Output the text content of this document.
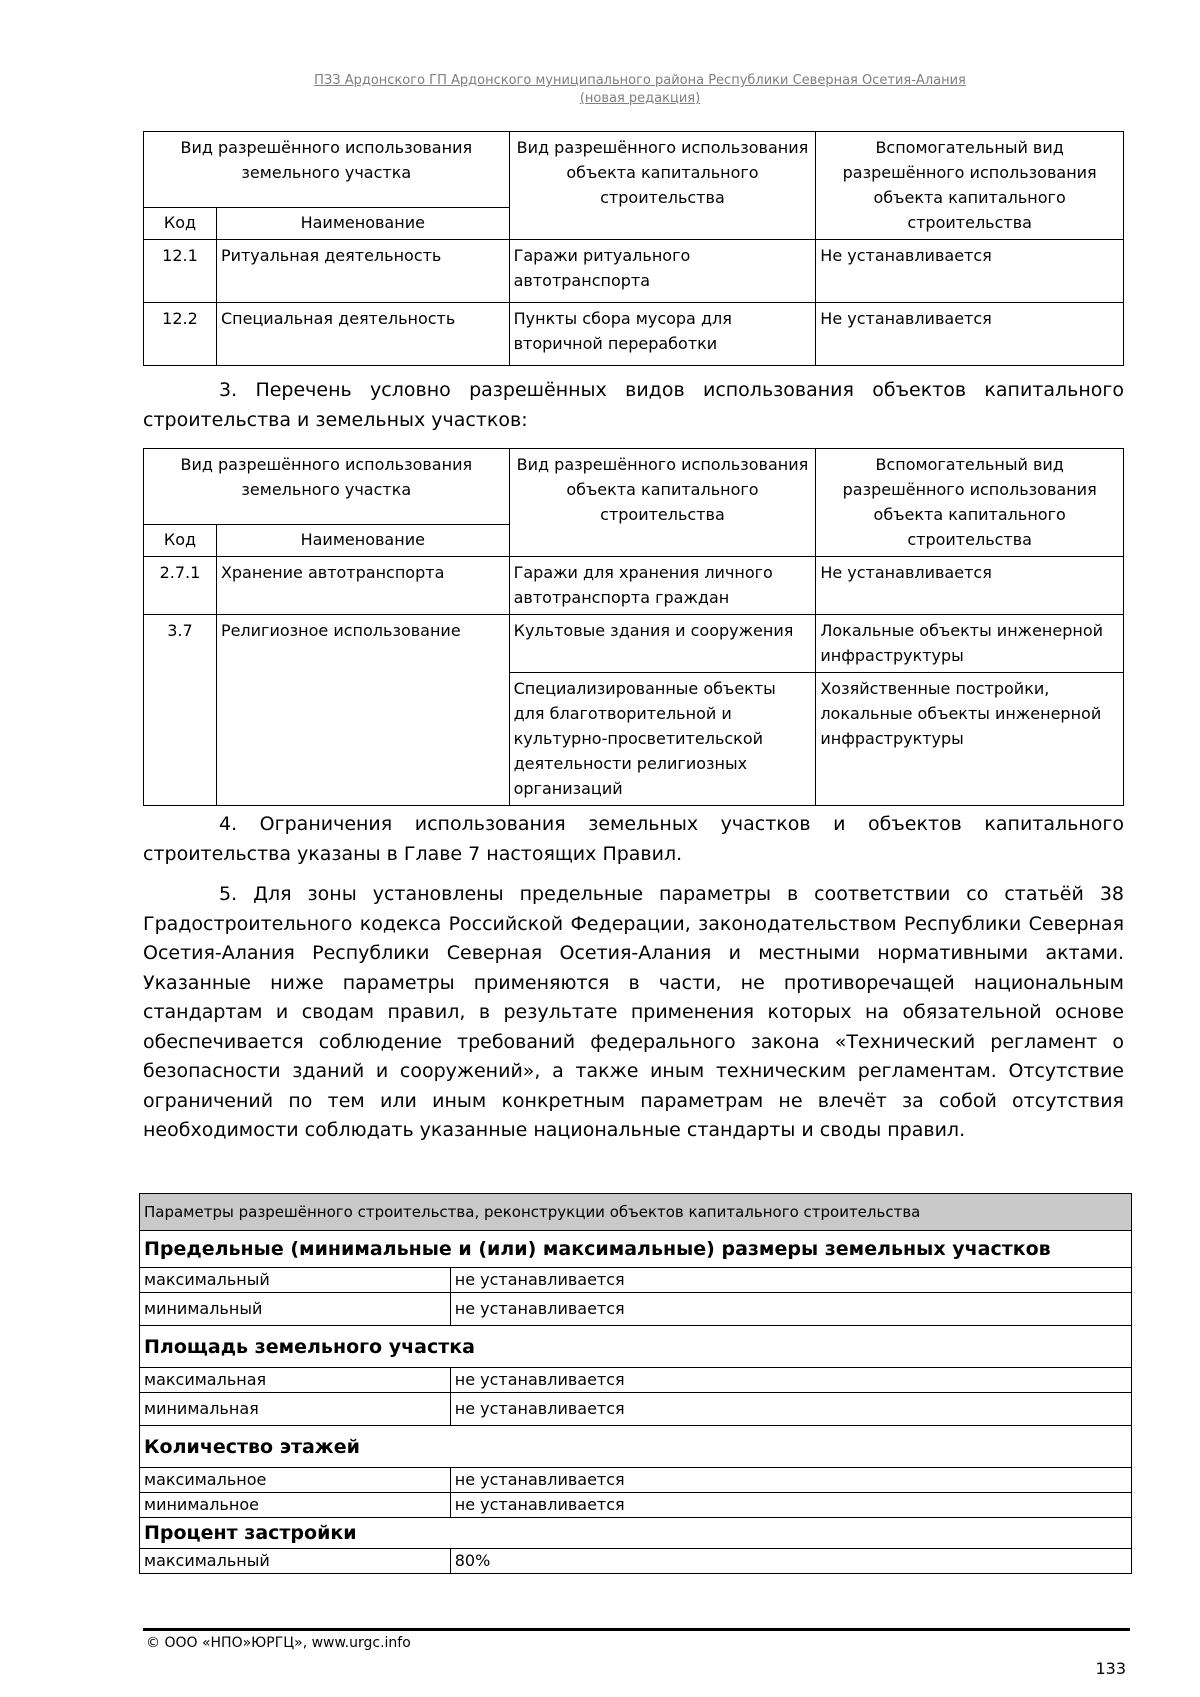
ПЗЗ Ардонского ГП Ардонского муниципального района Республики Северная Осетия-Алания
(новая редакция)
Вид разрешённого использования земельного участка		Вид разрешённого использования объекта капитального строительства	Вспомогательный вид разрешённого использования объекта капитального строительства
Код	Наименование		
12.1	Ритуальная деятельность	Гаражи ритуального автотранспорта	Не устанавливается
12.2	Специальная деятельность	Пункты сбора мусора для вторичной переработки	Не устанавливается
3. Перечень условно разрешённых видов использования объектов капитального строительства и земельных участков:
Вид разрешённого использования земельного участка		Вид разрешённого использования объекта капитального строительства	Вспомогательный вид разрешённого использования объекта капитального строительства
Код	Наименование		
2.7.1	Хранение автотранспорта	Гаражи для хранения личного автотранспорта граждан	Не устанавливается
3.7	Религиозное использование	Культовые здания и сооружения	Локальные объекты инженерной инфраструктуры
		Специализированные объекты для благотворительной и культурно-просветительской деятельности религиозных организаций	Хозяйственные постройки, локальные объекты инженерной инфраструктуры
4. Ограничения использования земельных участков и объектов капитального строительства указаны в Главе 7 настоящих Правил.
5. Для зоны установлены предельные параметры в соответствии со статьёй 38 Градостроительного кодекса Российской Федерации, законодательством Республики Северная Осетия-Алания Республики Северная Осетия-Алания и местными нормативными актами. Указанные ниже параметры применяются в части, не противоречащей национальным стандартам и сводам правил, в результате применения которых на обязательной основе обеспечивается соблюдение требований федерального закона «Технический регламент о безопасности зданий и сооружений», а также иным техническим регламентам. Отсутствие ограничений по тем или иным конкретным параметрам не влечёт за собой отсутствия необходимости соблюдать указанные национальные стандарты и своды правил.
Параметры разрешённого строительства, реконструкции объектов капитального строительства	
Предельные (минимальные и (или) максимальные) размеры земельных участков	
максимальный	не устанавливается
минимальный	не устанавливается
Площадь земельного участка	
максимальная	не устанавливается
минимальная	не устанавливается
Количество этажей	
максимальное	не устанавливается
минимальное	не устанавливается
Процент застройки	
максимальный	80%
© ООО «НПО»ЮРГЦ», www.urgc.info
133
